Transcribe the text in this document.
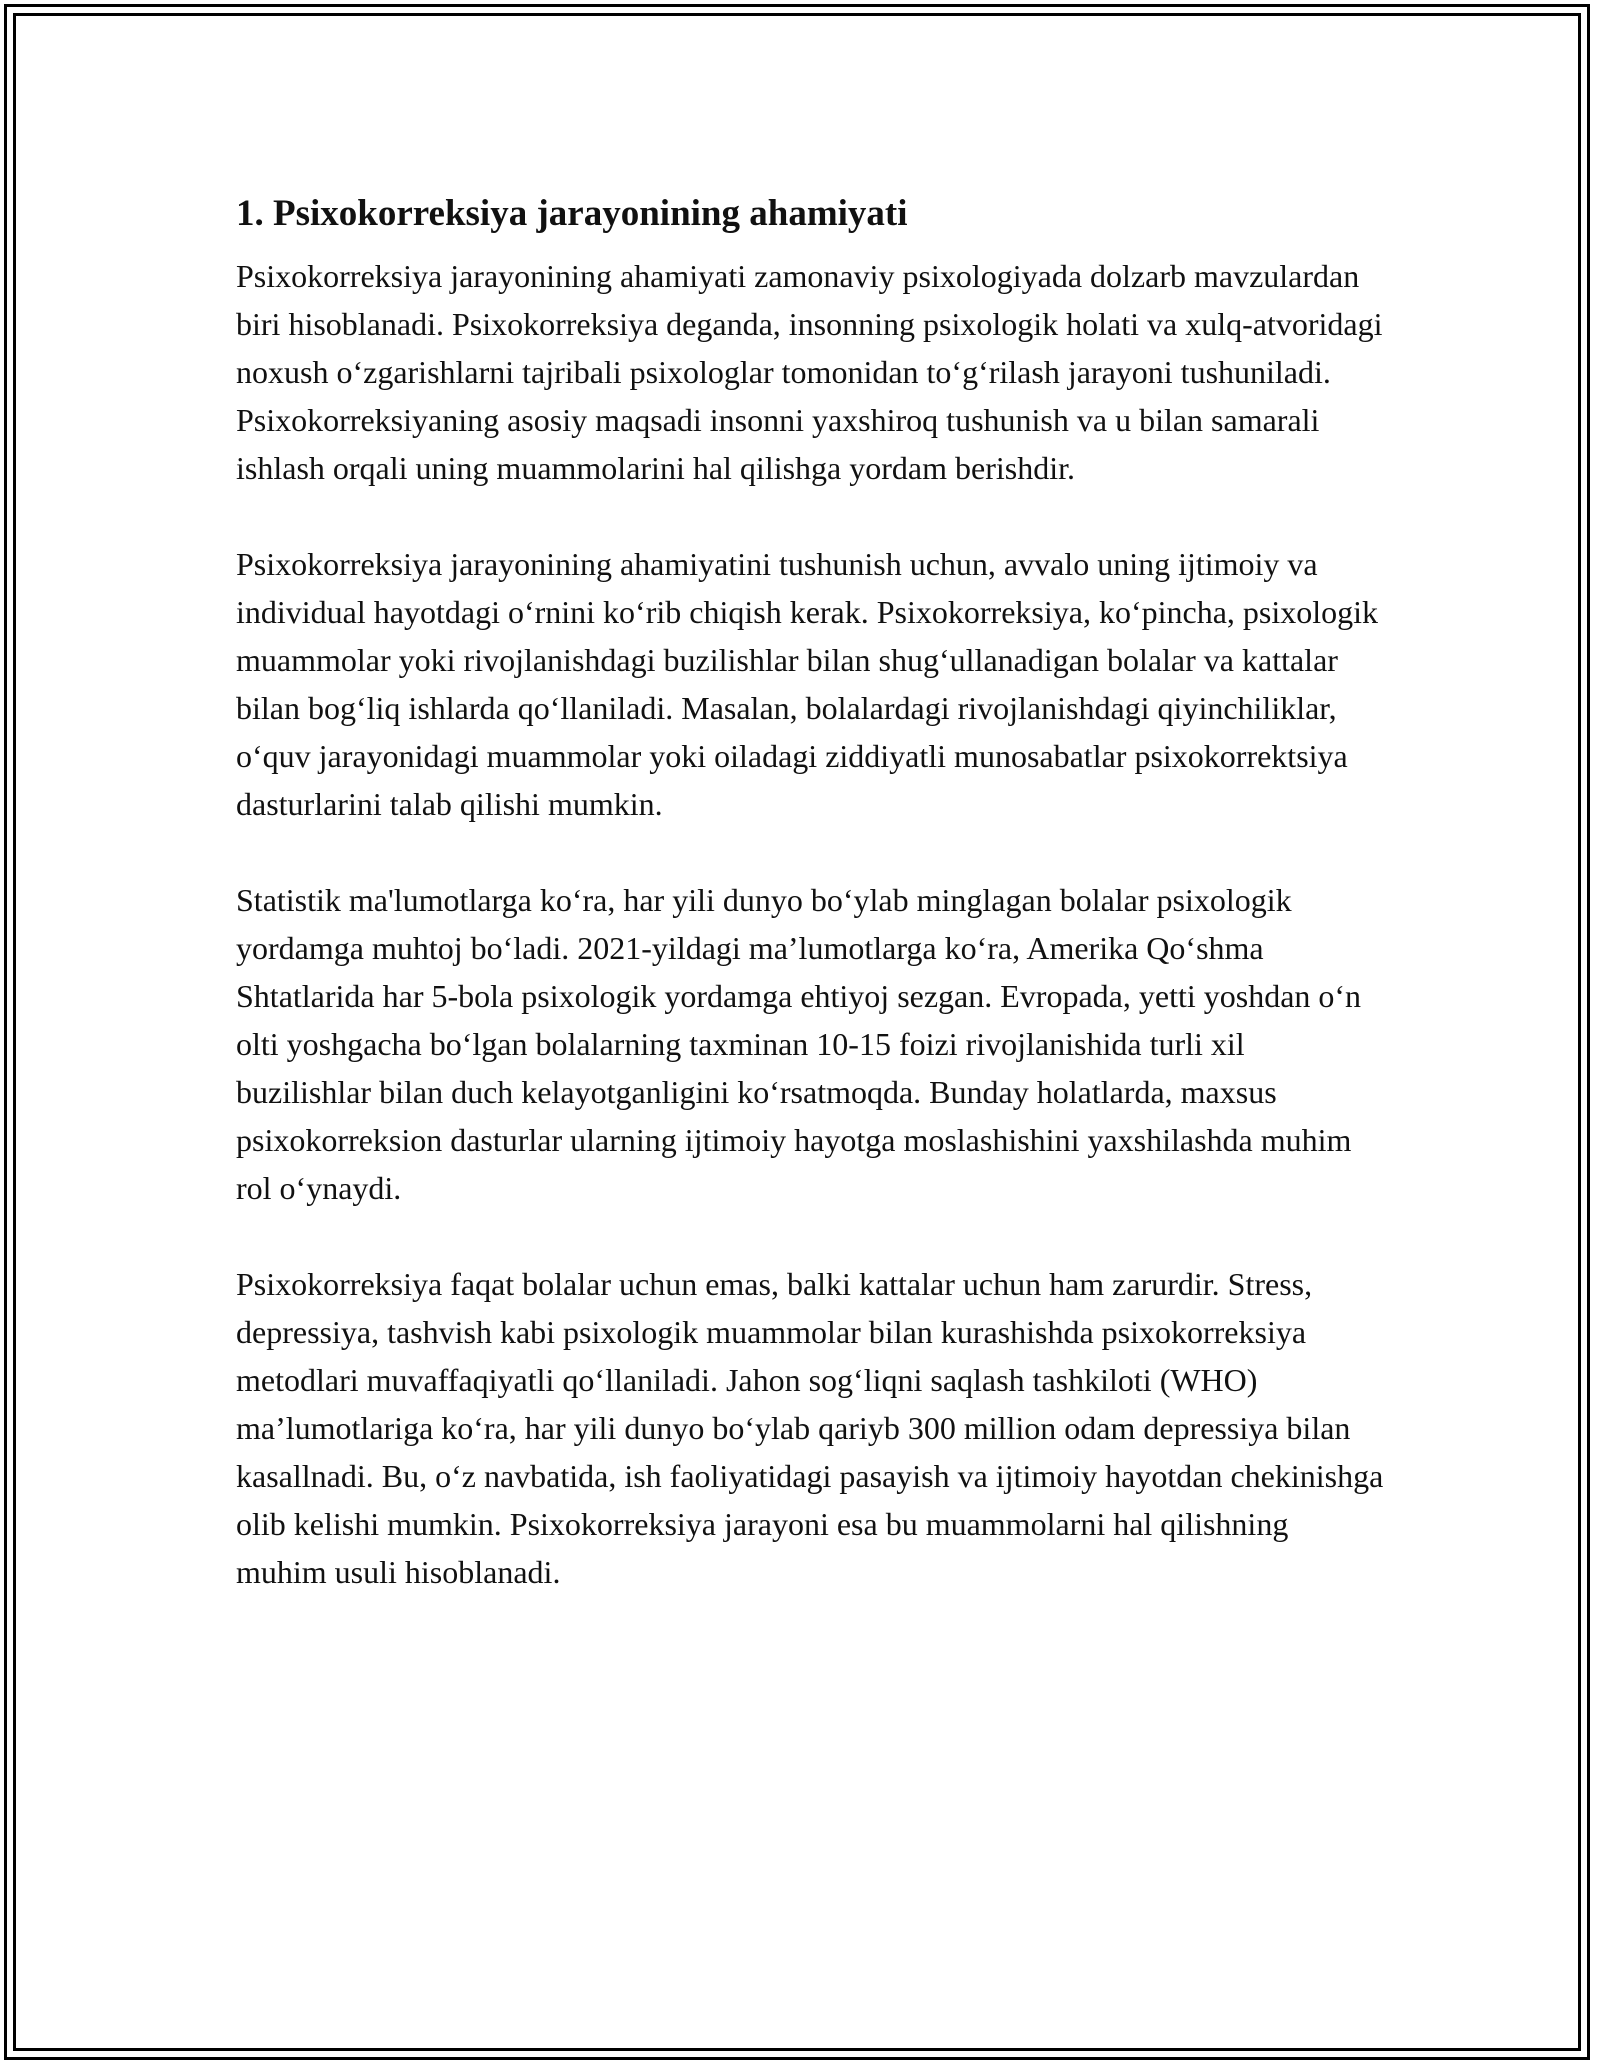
1. Psixokorreksiya jarayonining ahamiyati

Psixokorreksiya jarayonining ahamiyati zamonaviy psixologiyada dolzarb mavzulardan biri hisoblanadi. Psixokorreksiya deganda, insonning psixologik holati va xulq-atvoridagi noxush oʻzgarishlarni tajribali psixologlar tomonidan toʻgʻrilash jarayoni tushuniladi. Psixokorreksiyaning asosiy maqsadi insonni yaxshiroq tushunish va u bilan samarali ishlash orqali uning muammolarini hal qilishga yordam berishdir.

Psixokorreksiya jarayonining ahamiyatini tushunish uchun, avvalo uning ijtimoiy va individual hayotdagi oʻrnini koʻrib chiqish kerak. Psixokorreksiya, koʻpincha, psixologik muammolar yoki rivojlanishdagi buzilishlar bilan shugʻullanadigan bolalar va kattalar bilan bogʻliq ishlarda qoʻllaniladi. Masalan, bolalardagi rivojlanishdagi qiyinchiliklar, oʻquv jarayonidagi muammolar yoki oiladagi ziddiyatli munosabatlar psixokorrektsiya dasturlarini talab qilishi mumkin.

Statistik ma'lumotlarga koʻra, har yili dunyo boʻylab minglagan bolalar psixologik yordamga muhtoj boʻladi. 2021-yildagi ma’lumotlarga koʻra, Amerika Qoʻshma Shtatlarida har 5-bola psixologik yordamga ehtiyoj sezgan. Evropada, yetti yoshdan oʻn olti yoshgacha boʻlgan bolalarning taxminan 10-15 foizi rivojlanishida turli xil buzilishlar bilan duch kelayotganligini koʻrsatmoqda. Bunday holatlarda, maxsus psixokorreksion dasturlar ularning ijtimoiy hayotga moslashishini yaxshilashda muhim rol oʻynaydi.

Psixokorreksiya faqat bolalar uchun emas, balki kattalar uchun ham zarurdir. Stress, depressiya, tashvish kabi psixologik muammolar bilan kurashishda psixokorreksiya metodlari muvaffaqiyatli qoʻllaniladi. Jahon sogʻliqni saqlash tashkiloti (WHO) ma’lumotlariga koʻra, har yili dunyo boʻylab qariyb 300 million odam depressiya bilan kasallnadi. Bu, oʻz navbatida, ish faoliyatidagi pasayish va ijtimoiy hayotdan chekinishga olib kelishi mumkin. Psixokorreksiya jarayoni esa bu muammolarni hal qilishning muhim usuli hisoblanadi.
